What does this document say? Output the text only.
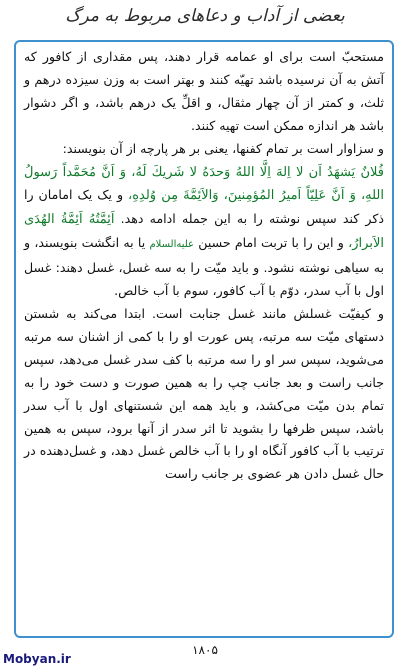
بعضی از آداب و دعاهای مربوط به مرگ

مستحبّ است برای او عمامه قرار دهند، پس مقداری از کافور که آتش به آن نرسیده باشد تهیّه کنند و بهتر است به وزن سیزده درهم و ثلث، و کمتر از آن چهار مثقال، و اقلِّ یک درهم باشد، و اگر دشوار باشد هر اندازه ممکن است تهیه کنند.

و سزاوار است بر تمام کفنها، یعنی بر هر پارچه از آن بنویسند:

فُلانٌ يَشهَدُ اَن لا اِلهَ اِلَّا اللهُ وَحدَهُ لا شَريكَ لَهُ، وَ اَنَّ مُحَمَّداً رَسولُ اللهِ، وَ اَنَّ عَلِيّاً اَميرُ المُؤمِنينَ، وَالاَئِمَّةَ مِن وُلدِهِ، و یک یک امامان را ذکر کند سپس نوشته را به این جمله ادامه دهد. اَئِمَّتُهُ اَئِمَّةُ الهُدَى الاَبرارُ، و این را با تربت امام حسین عليه‌السلام یا به انگشت بنویسند، و به سیاهی نوشته نشود. و باید میّت را به سه غسل، غسل دهند: غسل اول با آب سدر، دوّم با آب کافور، سوم با آب خالص.

و کیفیّت غسلش مانند غسل جنابت است. ابتدا می‌کند به شستن دستهای میّت سه مرتبه، پس عورت او را با کمی از اشنان سه مرتبه می‌شوید، سپس سر او را سه مرتبه با کف سدر غسل می‌دهد، سپس جانب راست و بعد جانب چپ را به همین صورت و دست خود را به تمام بدن میّت می‌کشد، و باید همه این شستنهای اول با آب سدر باشد، سپس ظرفها را بشوید تا اثر سدر از آنها برود، سپس به همین ترتیب با آب کافور آنگاه او را با آب خالص غسل دهد، و غسل‌دهنده در حال غسل دادن هر عضوی بر جانب راست

۱۸۰۵
Mobyan.ir
